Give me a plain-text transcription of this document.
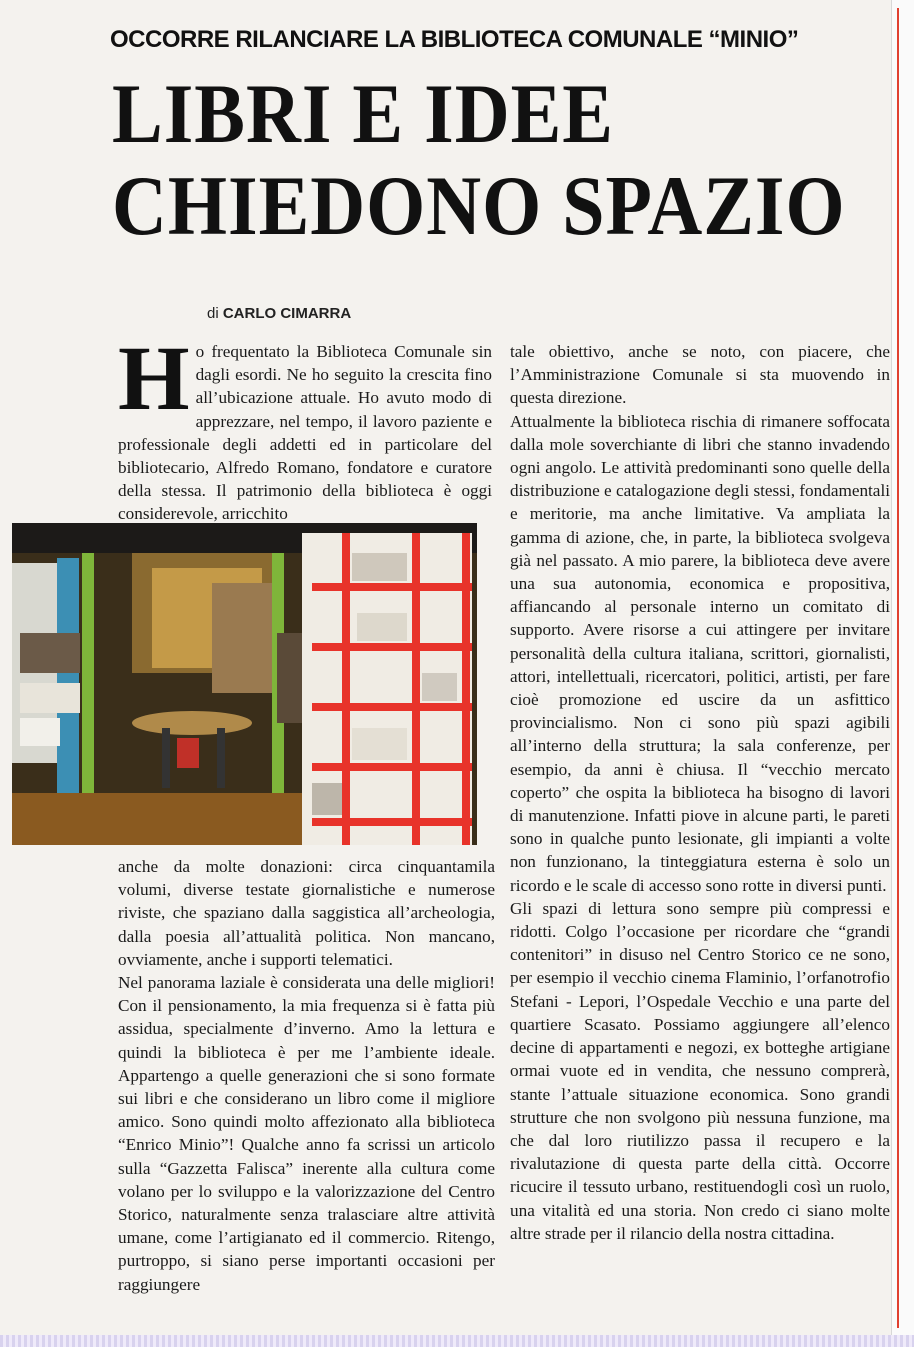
OCCORRE RILANCIARE LA BIBLIOTECA COMUNALE “MINIO”
LIBRI E IDEE
CHIEDONO SPAZIO
di CARLO CIMARRA

Ho frequentato la Biblioteca Comunale sin dagli esordi. Ne ho seguito la crescita fino all’ubicazione attuale. Ho avuto modo di apprezzare, nel tempo, il lavoro paziente e professionale degli addetti ed in particolare del bibliotecario, Alfredo Romano, fondatore e curatore della stessa. Il patrimonio della biblioteca è oggi considerevole, arricchito

anche da molte donazioni: circa cinquantamila volumi, diverse testate giornalistiche e numerose riviste, che spaziano dalla saggistica all’archeologia, dalla poesia all’attualità politica. Non mancano, ovviamente, anche i supporti telematici.

Nel panorama laziale è considerata una delle migliori! Con il pensionamento, la mia frequenza si è fatta più assidua, specialmente d’inverno. Amo la lettura e quindi la biblioteca è per me l’ambiente ideale. Appartengo a quelle generazioni che si sono formate sui libri e che considerano un libro come il migliore amico. Sono quindi molto affezionato alla biblioteca “Enrico Minio”! Qualche anno fa scrissi un articolo sulla “Gazzetta Falisca” inerente alla cultura come volano per lo sviluppo e la valorizzazione del Centro Storico, naturalmente senza tralasciare altre attività umane, come l’artigianato ed il commercio. Ritengo, purtroppo, si siano perse importanti occasioni per raggiungere

tale obiettivo, anche se noto, con piacere, che l’Amministrazione Comunale si sta muovendo in questa direzione.

Attualmente la biblioteca rischia di rimanere soffocata dalla mole soverchiante di libri che stanno invadendo ogni angolo. Le attività predominanti sono quelle della distribuzione e catalogazione degli stessi, fondamentali e meritorie, ma anche limitative. Va ampliata la gamma di azione, che, in parte, la biblioteca svolgeva già nel passato. A mio parere, la biblioteca deve avere una sua autonomia, economica e propositiva, affiancando al personale interno un comitato di supporto. Avere risorse a cui attingere per invitare personalità della cultura italiana, scrittori, giornalisti, attori, intellettuali, ricercatori, politici, artisti, per fare cioè promozione ed uscire da un asfittico provincialismo. Non ci sono più spazi agibili all’interno della struttura; la sala conferenze, per esempio, da anni è chiusa. Il “vecchio mercato coperto” che ospita la biblioteca ha bisogno di lavori di manutenzione. Infatti piove in alcune parti, le pareti sono in qualche punto lesionate, gli impianti a volte non funzionano, la tinteggiatura esterna è solo un ricordo e le scale di accesso sono rotte in diversi punti.

Gli spazi di lettura sono sempre più compressi e ridotti. Colgo l’occasione per ricordare che “grandi contenitori” in disuso nel Centro Storico ce ne sono, per esempio il vecchio cinema Flaminio, l’orfanotrofio Stefani - Lepori, l’Ospedale Vecchio e una parte del quartiere Scasato. Possiamo aggiungere all’elenco decine di appartamenti e negozi, ex botteghe artigiane ormai vuote ed in vendita, che nessuno comprerà, stante l’attuale situazione economica. Sono grandi strutture che non svolgono più nessuna funzione, ma che dal loro riutilizzo passa il recupero e la rivalutazione di questa parte della città. Occorre ricucire il tessuto urbano, restituendogli così un ruolo, una vitalità ed una storia. Non credo ci siano molte altre strade per il rilancio della nostra cittadina.
